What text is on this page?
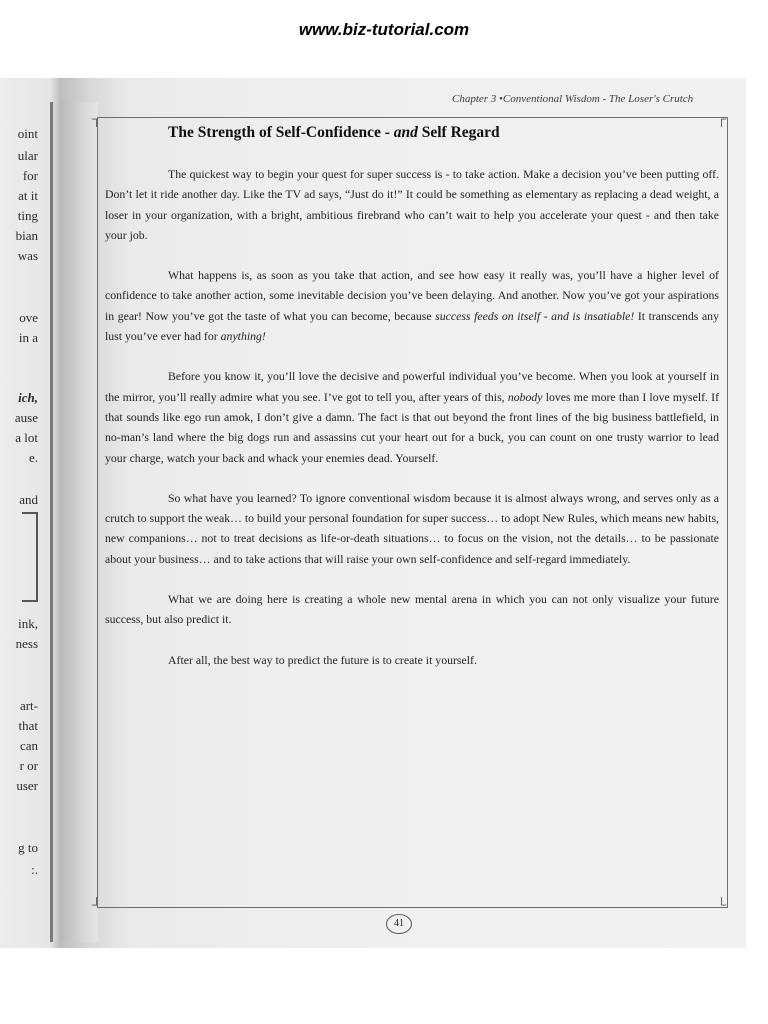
www.biz-tutorial.com
oint
ular
for
at it
ting
bian
was
ove
in a
ich,
ause
a lot
e.
and
ink,
ness
art-
that
can
r or
user
g to
:.
Chapter 3 •Conventional Wisdom - The Loser's Crutch
┐	┌
┘	└
The Strength of Self-Confidence - and Self Regard

The quickest way to begin your quest for super success is - to take action. Make a decision you’ve been putting off. Don’t let it ride another day. Like the TV ad says, “Just do it!” It could be something as elementary as replacing a dead weight, a loser in your organization, with a bright, ambitious firebrand who can’t wait to help you accelerate your quest - and then take your job.

What happens is, as soon as you take that action, and see how easy it really was, you’ll have a higher level of confidence to take another action, some inevitable decision you’ve been delaying. And another. Now you’ve got your aspirations in gear! Now you’ve got the taste of what you can become, because success feeds on itself - and is insatiable! It transcends any lust you’ve ever had for anything!

Before you know it, you’ll love the decisive and powerful individual you’ve become. When you look at yourself in the mirror, you’ll really admire what you see. I’ve got to tell you, after years of this, nobody loves me more than I love myself. If that sounds like ego run amok, I don’t give a damn. The fact is that out beyond the front lines of the big business battlefield, in no-man’s land where the big dogs run and assassins cut your heart out for a buck, you can count on one trusty warrior to lead your charge, watch your back and whack your enemies dead. Yourself.

So what have you learned? To ignore conventional wisdom because it is almost always wrong, and serves only as a crutch to support the weak… to build your personal foundation for super success… to adopt New Rules, which means new habits, new companions… not to treat decisions as life-or-death situations… to focus on the vision, not the details… to be passionate about your business… and to take actions that will raise your own self-confidence and self-regard immediately.

What we are doing here is creating a whole new mental arena in which you can not only visualize your future success, but also predict it.

After all, the best way to predict the future is to create it yourself.

41
